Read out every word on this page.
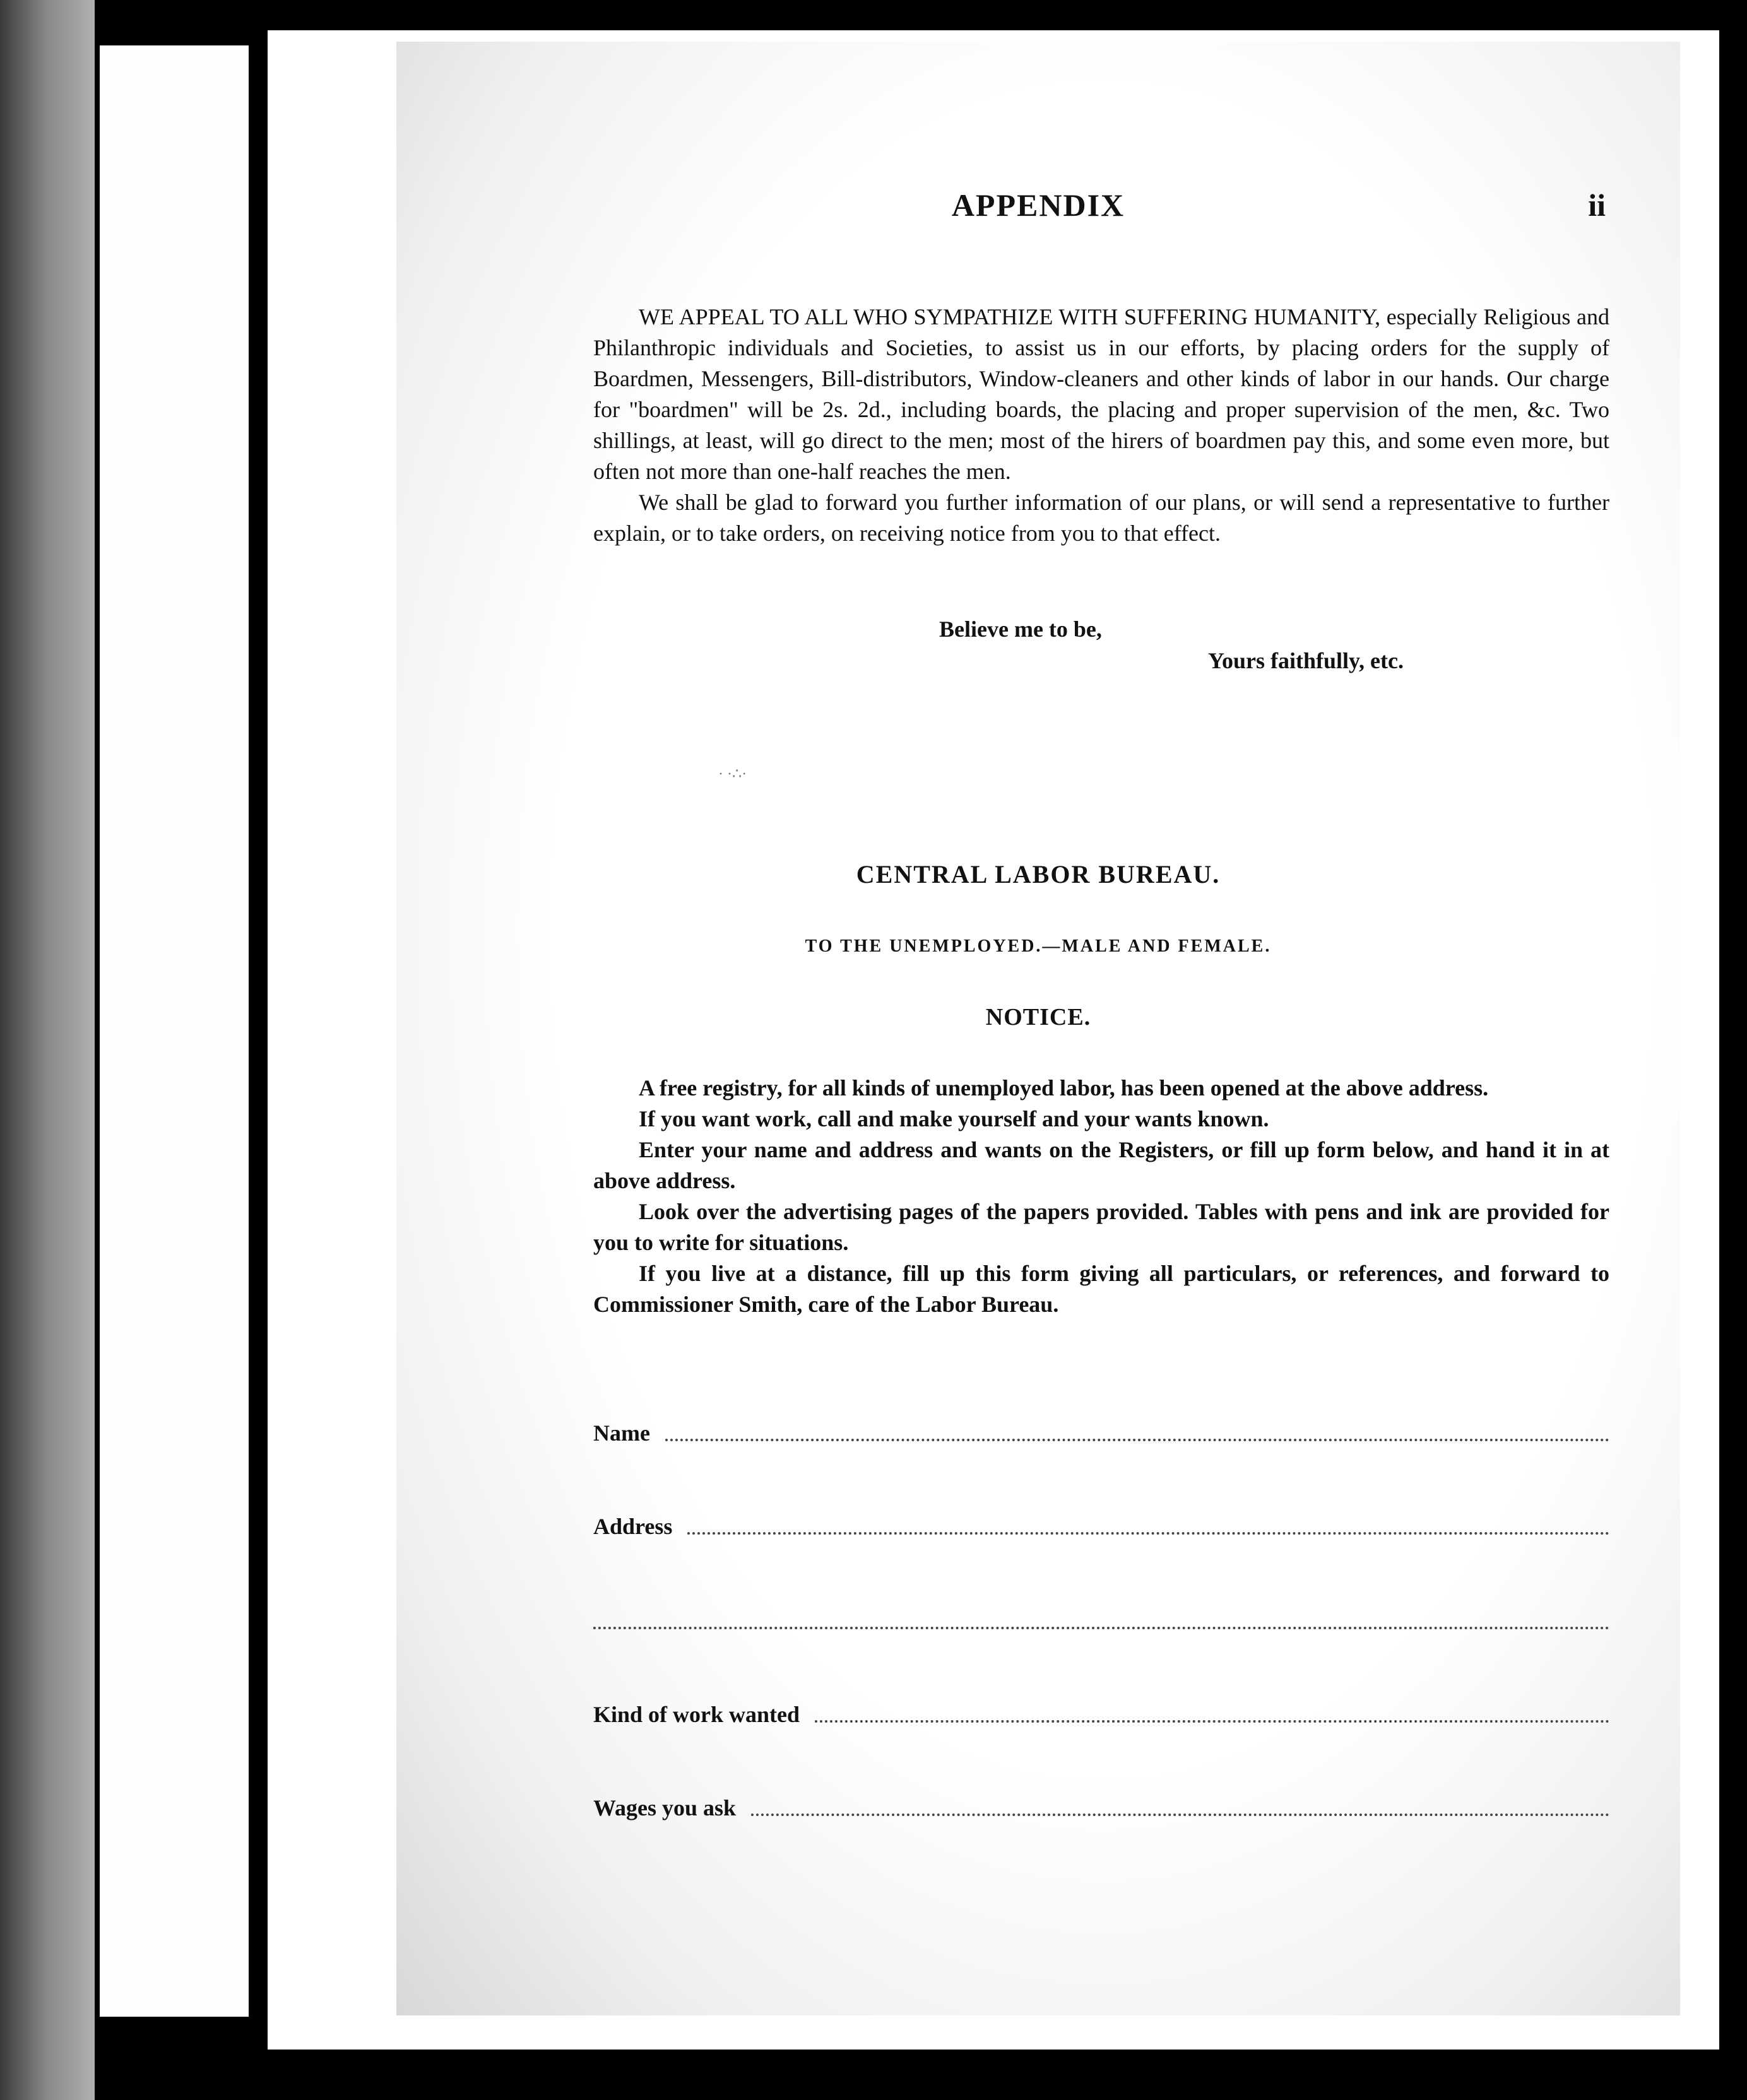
APPENDIX	ii

WE APPEAL TO ALL WHO SYMPATHIZE WITH SUFFERING HUMANITY, especially Religious and Philanthropic individuals and Societies, to assist us in our efforts, by placing orders for the supply of Boardmen, Messengers, Bill-distributors, Window-cleaners and other kinds of labor in our hands. Our charge for "boardmen" will be 2s. 2d., including boards, the placing and proper supervision of the men, &c. Two shillings, at least, will go direct to the men; most of the hirers of boardmen pay this, and some even more, but often not more than one-half reaches the men.

We shall be glad to forward you further information of our plans, or will send a representative to further explain, or to take orders, on receiving notice from you to that effect.

Believe me to be,
Yours faithfully, etc.
· ·∴·
CENTRAL LABOR BUREAU.
TO THE UNEMPLOYED.—MALE AND FEMALE.
NOTICE.

A free registry, for all kinds of unemployed labor, has been opened at the above address.

If you want work, call and make yourself and your wants known.

Enter your name and address and wants on the Registers, or fill up form below, and hand it in at above address.

Look over the advertising pages of the papers provided. Tables with pens and ink are provided for you to write for situations.

If you live at a distance, fill up this form giving all particulars, or references, and forward to Commissioner Smith, care of the Labor Bureau.

Name
Address
Kind of work wanted
Wages you ask
